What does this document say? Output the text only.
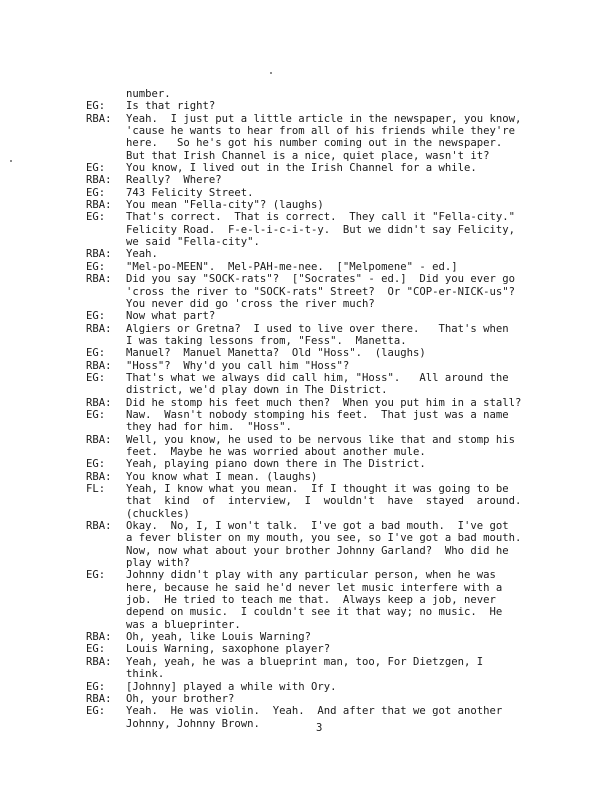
number.
EG:	Is that right?
RBA:	Yeah.  I just put a little article in the newspaper, you know,
'cause he wants to hear from all of his friends while they're
here.   So he's got his number coming out in the newspaper.
But that Irish Channel is a nice, quiet place, wasn't it?
EG:	You know, I lived out in the Irish Channel for a while.
RBA:	Really?  Where?
EG:	743 Felicity Street.
RBA:	You mean "Fella-city"? (laughs)
EG:	That's correct.  That is correct.  They call it "Fella-city."
Felicity Road.  F-e-l-i-c-i-t-y.  But we didn't say Felicity,
we said "Fella-city".
RBA:	Yeah.
EG:	"Mel-po-MEEN".  Mel-PAH-me-nee.  ["Melpomene" - ed.]
RBA:	Did you say "SOCK-rats"?  ["Socrates" - ed.]  Did you ever go
'cross the river to "SOCK-rats" Street?  Or "COP-er-NICK-us"?
You never did go 'cross the river much?
EG:	Now what part?
RBA:	Algiers or Gretna?  I used to live over there.   That's when
I was taking lessons from, "Fess".  Manetta.
EG:	Manuel?  Manuel Manetta?  Old "Hoss".  (laughs)
RBA:	"Hoss"?  Why'd you call him "Hoss"?
EG:	That's what we always did call him, "Hoss".   All around the
district, we'd play down in The District.
RBA:	Did he stomp his feet much then?  When you put him in a stall?
EG:	Naw.  Wasn't nobody stomping his feet.  That just was a name
they had for him.  "Hoss".
RBA:	Well, you know, he used to be nervous like that and stomp his
feet.  Maybe he was worried about another mule.
EG:	Yeah, playing piano down there in The District.
RBA:	You know what I mean. (laughs)
FL:	Yeah, I know what you mean.  If I thought it was going to be
that  kind  of  interview,  I  wouldn't  have  stayed  around.
(chuckles)
RBA:	Okay.  No, I, I won't talk.  I've got a bad mouth.  I've got
a fever blister on my mouth, you see, so I've got a bad mouth.
Now, now what about your brother Johnny Garland?  Who did he
play with?
EG:	Johnny didn't play with any particular person, when he was
here, because he said he'd never let music interfere with a
job.  He tried to teach me that.  Always keep a job, never
depend on music.  I couldn't see it that way; no music.  He
was a blueprinter.
RBA:	Oh, yeah, like Louis Warning?
EG:	Louis Warning, saxophone player?
RBA:	Yeah, yeah, he was a blueprint man, too, For Dietzgen, I
think.
EG:	[Johnny] played a while with Ory.
RBA:	Oh, your brother?
EG:	Yeah.  He was violin.  Yeah.  And after that we got another
Johnny, Johnny Brown.	3
